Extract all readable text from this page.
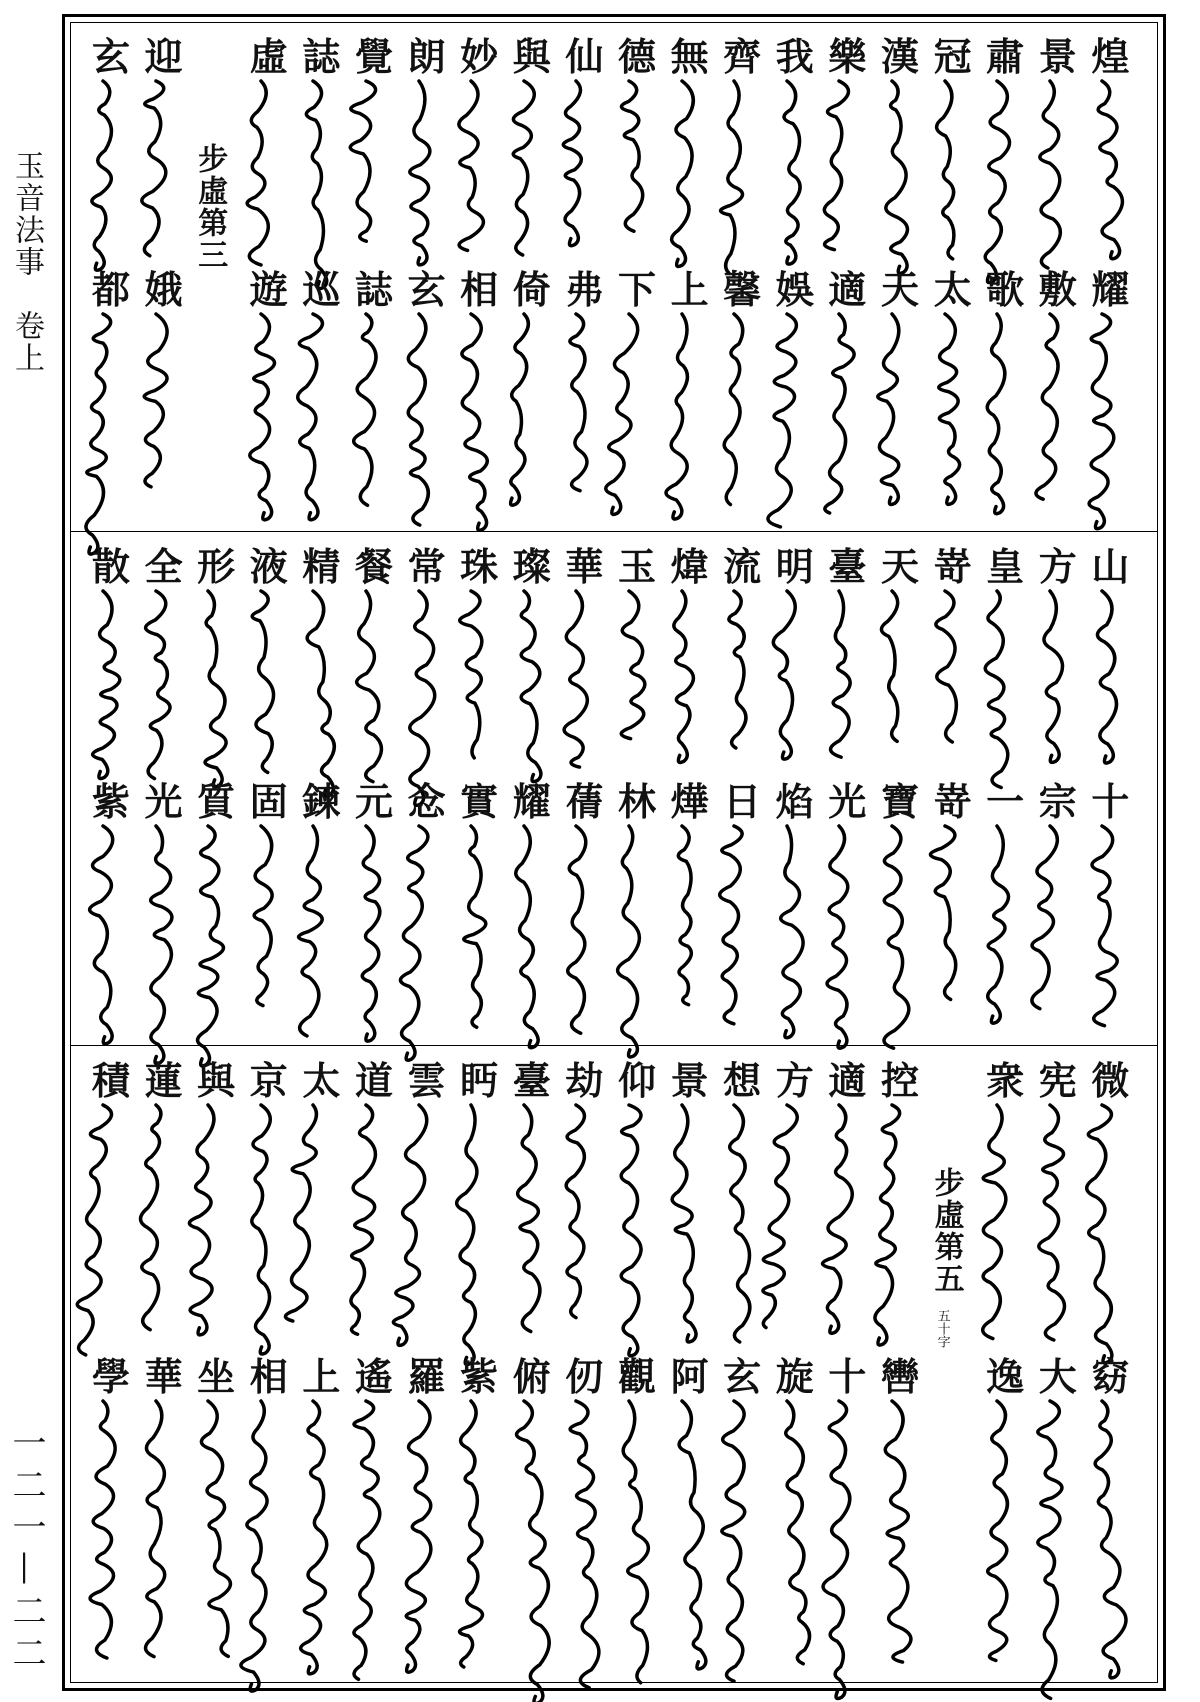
玉音法事　卷上
一二一—二二
煌
耀
景
敷
肅
歌
冠
太
漢
天
樂
適
我
娛
齊
馨
無
上
德
下
仙
弗
與
倚
妙
相
朗
玄
覺
誌
誌
巡
虛
遊
迎
娥
玄
都
步虛第三
山
十
方
宗
皇
一
嵜
嵜
天
寶
臺
光
明
焰
流
日
煒
燁
玉
林
華
蒨
璨
耀
珠
實
常
念
餐
元
精
鍊
液
固
形
質
全
光
散
紫
微
窈
宪
大
衆
逸
控
轡
適
十
方
旋
想
玄
景
阿
仰
觀
劫
仞
臺
俯
眄
紫
雲
羅
道
遙
太
上
京
相
與
坐
蓮
華
積
學
步虛第五
五十字
